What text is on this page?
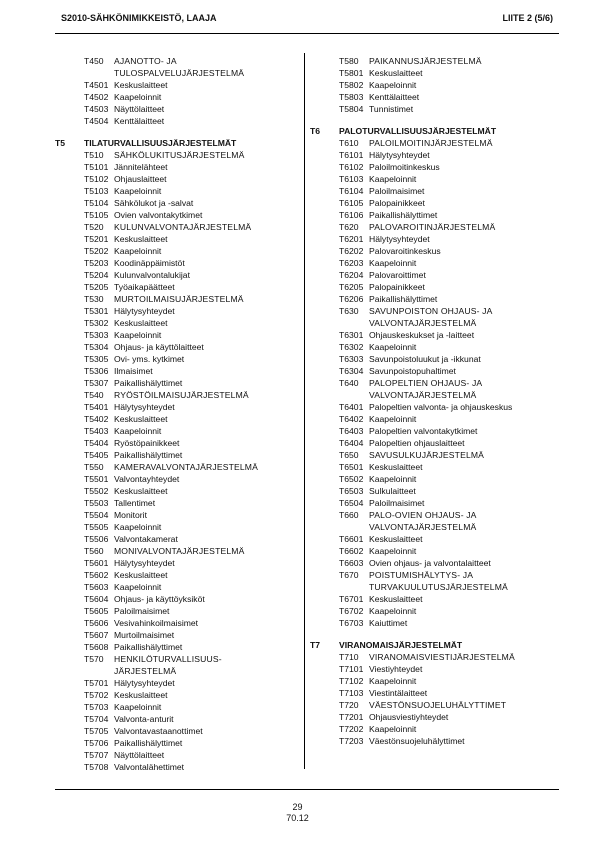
S2010-SÄHKÖNIMIKKEISTÖ, LAAJA	LIITE 2 (5/6)
T450	AJANOTTO- JA
TULOSPALVELUJÄRJESTELMÄ
T4501 Keskuslaitteet
T4502 Kaapeloinnit
T4503 Näyttölaitteet
T4504 Kenttälaitteet
T5	TILATURVALLISUUSJÄRJESTELMÄT
T510	SÄHKÖLUKITUSJÄRJESTELMÄ
T5101 Jännitelähteet
T5102 Ohjauslaitteet
T5103 Kaapeloinnit
T5104 Sähkölukot ja -salvat
T5105 Ovien valvontakytkimet
T520	KULUNVALVONTAJÄRJESTELMÄ
T5201 Keskuslaitteet
T5202 Kaapeloinnit
T5203 Koodinäppäimistöt
T5204 Kulunvalvontalukijat
T5205 Työaikapäätteet
T530	MURTOILMAISUJÄRJESTELMÄ
T5301 Hälytysyhteydet
T5302 Keskuslaitteet
T5303 Kaapeloinnit
T5304 Ohjaus- ja käyttölaitteet
T5305 Ovi- yms. kytkimet
T5306 Ilmaisimet
T5307 Paikallishälyttimet
T540	RYÖSTÖILMAISUJÄRJESTELMÄ
T5401 Hälytysyhteydet
T5402 Keskuslaitteet
T5403 Kaapeloinnit
T5404 Ryöstöpainikkeet
T5405 Paikallishälyttimet
T550	KAMERAVALVONTAJÄRJESTELMÄ
T5501 Valvontayhteydet
T5502 Keskuslaitteet
T5503 Tallentimet
T5504 Monitorit
T5505 Kaapeloinnit
T5506 Valvontakamerat
T560	MONIVALVONTAJÄRJESTELMÄ
T5601 Hälytysyhteydet
T5602 Keskuslaitteet
T5603 Kaapeloinnit
T5604 Ohjaus- ja käyttöyksiköt
T5605 Paloilmaisimet
T5606 Vesivahinkoilmaisimet
T5607 Murtoilmaisimet
T5608 Paikallishälyttimet
T570	HENKILÖTURVALLISUUS-
JÄRJESTELMÄ
T5701 Hälytysyhteydet
T5702 Keskuslaitteet
T5703 Kaapeloinnit
T5704 Valvonta-anturit
T5705 Valvontavastaanottimet
T5706 Paikallishälyttimet
T5707 Näyttölaitteet
T5708 Valvontalähettimet
T580	PAIKANNUSJÄRJESTELMÄ
T5801 Keskuslaitteet
T5802 Kaapeloinnit
T5803 Kenttälaitteet
T5804 Tunnistimet
T6	PALOTURVALLISUUSJÄRJESTELMÄT
T610	PALOILMOITINJÄRJESTELMÄ
T6101 Hälytysyhteydet
T6102 Paloilmoitinkeskus
T6103 Kaapeloinnit
T6104 Paloilmaisimet
T6105 Palopainikkeet
T6106 Paikallishälyttimet
T620	PALOVAROITINJÄRJESTELMÄ
T6201 Hälytysyhteydet
T6202 Palovaroitinkeskus
T6203 Kaapeloinnit
T6204 Palovaroittimet
T6205 Palopainikkeet
T6206 Paikallishälyttimet
T630	SAVUNPOISTON OHJAUS- JA
VALVONTAJÄRJESTELMÄ
T6301 Ohjauskeskukset ja -laitteet
T6302 Kaapeloinnit
T6303 Savunpoistoluukut ja -ikkunat
T6304 Savunpoistopuhaltimet
T640	PALOPELTIEN OHJAUS- JA
VALVONTAJÄRJESTELMÄ
T6401 Palopeltien valvonta- ja ohjauskeskus
T6402 Kaapeloinnit
T6403 Palopeltien valvontakytkimet
T6404 Palopeltien ohjauslaitteet
T650	SAVUSULKUJÄRJESTELMÄ
T6501 Keskuslaitteet
T6502 Kaapeloinnit
T6503 Sulkulaitteet
T6504 Paloilmaisimet
T660	PALO-OVIEN OHJAUS- JA
VALVONTAJÄRJESTELMÄ
T6601 Keskuslaitteet
T6602 Kaapeloinnit
T6603 Ovien ohjaus- ja valvontalaitteet
T670	POISTUMISHÄLYTYS- JA
TURVAKUULUTUSJÄRJESTELMÄ
T6701 Keskuslaitteet
T6702 Kaapeloinnit
T6703 Kaiuttimet
T7	VIRANOMAISJÄRJESTELMÄT
T710	VIRANOMAISVIESTIJÄRJESTELMÄ
T7101 Viestiyhteydet
T7102 Kaapeloinnit
T7103 Viestintälaitteet
T720	VÄESTÖNSUOJELUHÄLYTTIMET
T7201 Ohjausviestiyhteydet
T7202 Kaapeloinnit
T7203 Väestönsuojeluhälyttimet
29
70.12
